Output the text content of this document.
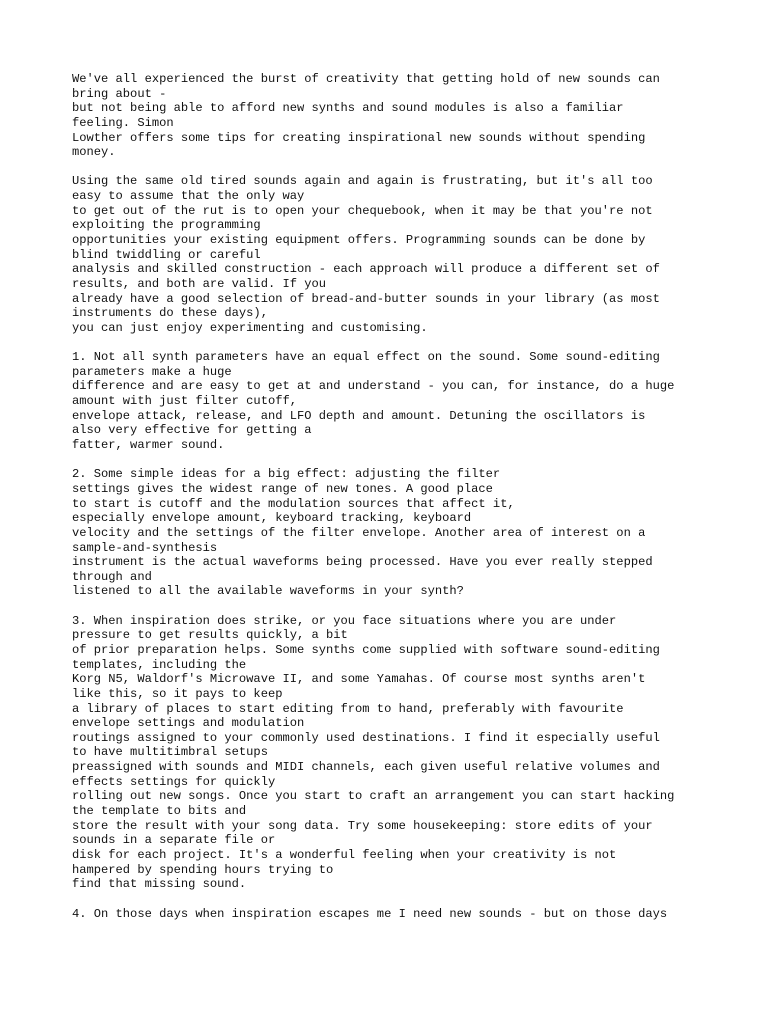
We've all experienced the burst of creativity that getting hold of new sounds can
bring about -
but not being able to afford new synths and sound modules is also a familiar
feeling. Simon
Lowther offers some tips for creating inspirational new sounds without spending
money.
Using the same old tired sounds again and again is frustrating, but it's all too
easy to assume that the only way
to get out of the rut is to open your chequebook, when it may be that you're not
exploiting the programming
opportunities your existing equipment offers. Programming sounds can be done by
blind twiddling or careful
analysis and skilled construction - each approach will produce a different set of
results, and both are valid. If you
already have a good selection of bread-and-butter sounds in your library (as most
instruments do these days),
you can just enjoy experimenting and customising.
1. Not all synth parameters have an equal effect on the sound. Some sound-editing
parameters make a huge
difference and are easy to get at and understand - you can, for instance, do a huge
amount with just filter cutoff,
envelope attack, release, and LFO depth and amount. Detuning the oscillators is
also very effective for getting a
fatter, warmer sound.
2. Some simple ideas for a big effect: adjusting the filter
settings gives the widest range of new tones. A good place
to start is cutoff and the modulation sources that affect it,
especially envelope amount, keyboard tracking, keyboard
velocity and the settings of the filter envelope. Another area of interest on a
sample-and-synthesis
instrument is the actual waveforms being processed. Have you ever really stepped
through and
listened to all the available waveforms in your synth?
3. When inspiration does strike, or you face situations where you are under
pressure to get results quickly, a bit
of prior preparation helps. Some synths come supplied with software sound-editing
templates, including the
Korg N5, Waldorf's Microwave II, and some Yamahas. Of course most synths aren't
like this, so it pays to keep
a library of places to start editing from to hand, preferably with favourite
envelope settings and modulation
routings assigned to your commonly used destinations. I find it especially useful
to have multitimbral setups
preassigned with sounds and MIDI channels, each given useful relative volumes and
effects settings for quickly
rolling out new songs. Once you start to craft an arrangement you can start hacking
the template to bits and
store the result with your song data. Try some housekeeping: store edits of your
sounds in a separate file or
disk for each project. It's a wonderful feeling when your creativity is not
hampered by spending hours trying to
find that missing sound.
4. On those days when inspiration escapes me I need new sounds - but on those days
